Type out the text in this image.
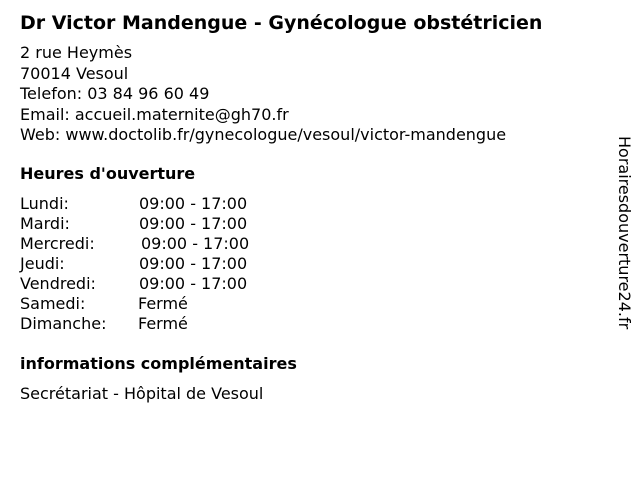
Dr Victor Mandengue - Gynécologue obstétricien
2 rue Heymès
70014 Vesoul
Telefon: 03 84 96 60 49
Email: accueil.maternite@gh70.fr
Web: www.doctolib.fr/gynecologue/vesoul/victor-mandengue
Heures d'ouverture
Lundi:	09:00 - 17:00
Mardi:	09:00 - 17:00
Mercredi:	09:00 - 17:00
Jeudi:	09:00 - 17:00
Vendredi:	09:00 - 17:00
Samedi:	Fermé
Dimanche: Fermé
informations complémentaires
Secrétariat - Hôpital de Vesoul
Horairesdouverture24.fr
